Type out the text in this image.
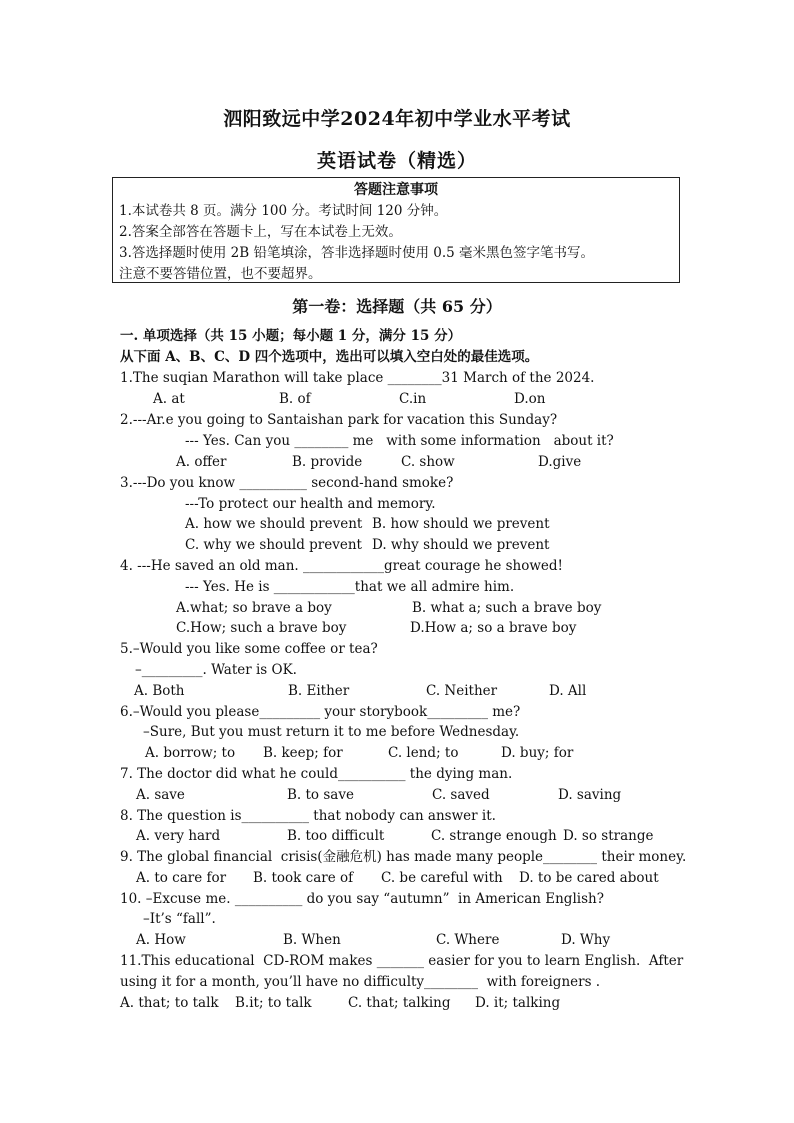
泗阳致远中学2024年初中学业水平考试
英语试卷（精选）
答题注意事项
1.本试卷共 8 页。满分 100 分。考试时间 120 分钟。
2.答案全部答在答题卡上，写在本试卷上无效。
3.答选择题时使用 2B 铅笔填涂，答非选择题时使用 0.5 毫米黑色签字笔书写。
注意不要答错位置，也不要超界。
第一卷：选择题（共 65 分）
一. 单项选择（共 15 小题；每小题 1 分，满分 15 分）
从下面 A、B、C、D 四个选项中，选出可以填入空白处的最佳选项。
1.The suqian Marathon will take place ________31 March of the 2024.
A. at	B. of	C.in	D.on
2.---Ar.e you going to Santaishan park for vacation this Sunday?
--- Yes. Can you ________ me   with some information   about it?
A. offer	B. provide	C. show	D.give
3.---Do you know __________ second-hand smoke?
---To protect our health and memory.
A. how we should prevent B. how should we prevent
C. why we should prevent D. why should we prevent
4. ---He saved an old man. ____________great courage he showed!
--- Yes. He is ____________that we all admire him.
A.what; so brave a boy	B. what a; such a brave boy
C.How; such a brave boy	D.How a; so a brave boy
5.–Would you like some coffee or tea?
–_________. Water is OK.
A. Both	B. Either	C. Neither	D. All
6.–Would you please_________ your storybook_________ me?
–Sure, But you must return it to me before Wednesday.
A. borrow; to B. keep; for	C. lend; to	D. buy; for
7. The doctor did what he could__________ the dying man.
A. save	B. to save	C. saved	D. saving
8. The question is__________ that nobody can answer it.
A. very hard	B. too difficult	C. strange enough D. so strange
9. The global financial  crisis(金融危机) has made many people________ their money.
A. to care for B. took care of C. be careful with D. to be cared about
10. –Excuse me. __________ do you say “autumn”  in American English?
–It’s “fall”.
A. How	B. When	C. Where	D. Why
11.This educational  CD-ROM makes _______ easier for you to learn English.  After
using it for a month, you’ll have no difficulty________  with foreigners .
A. that; to talk B.it; to talk	C. that; talking D. it; talking
